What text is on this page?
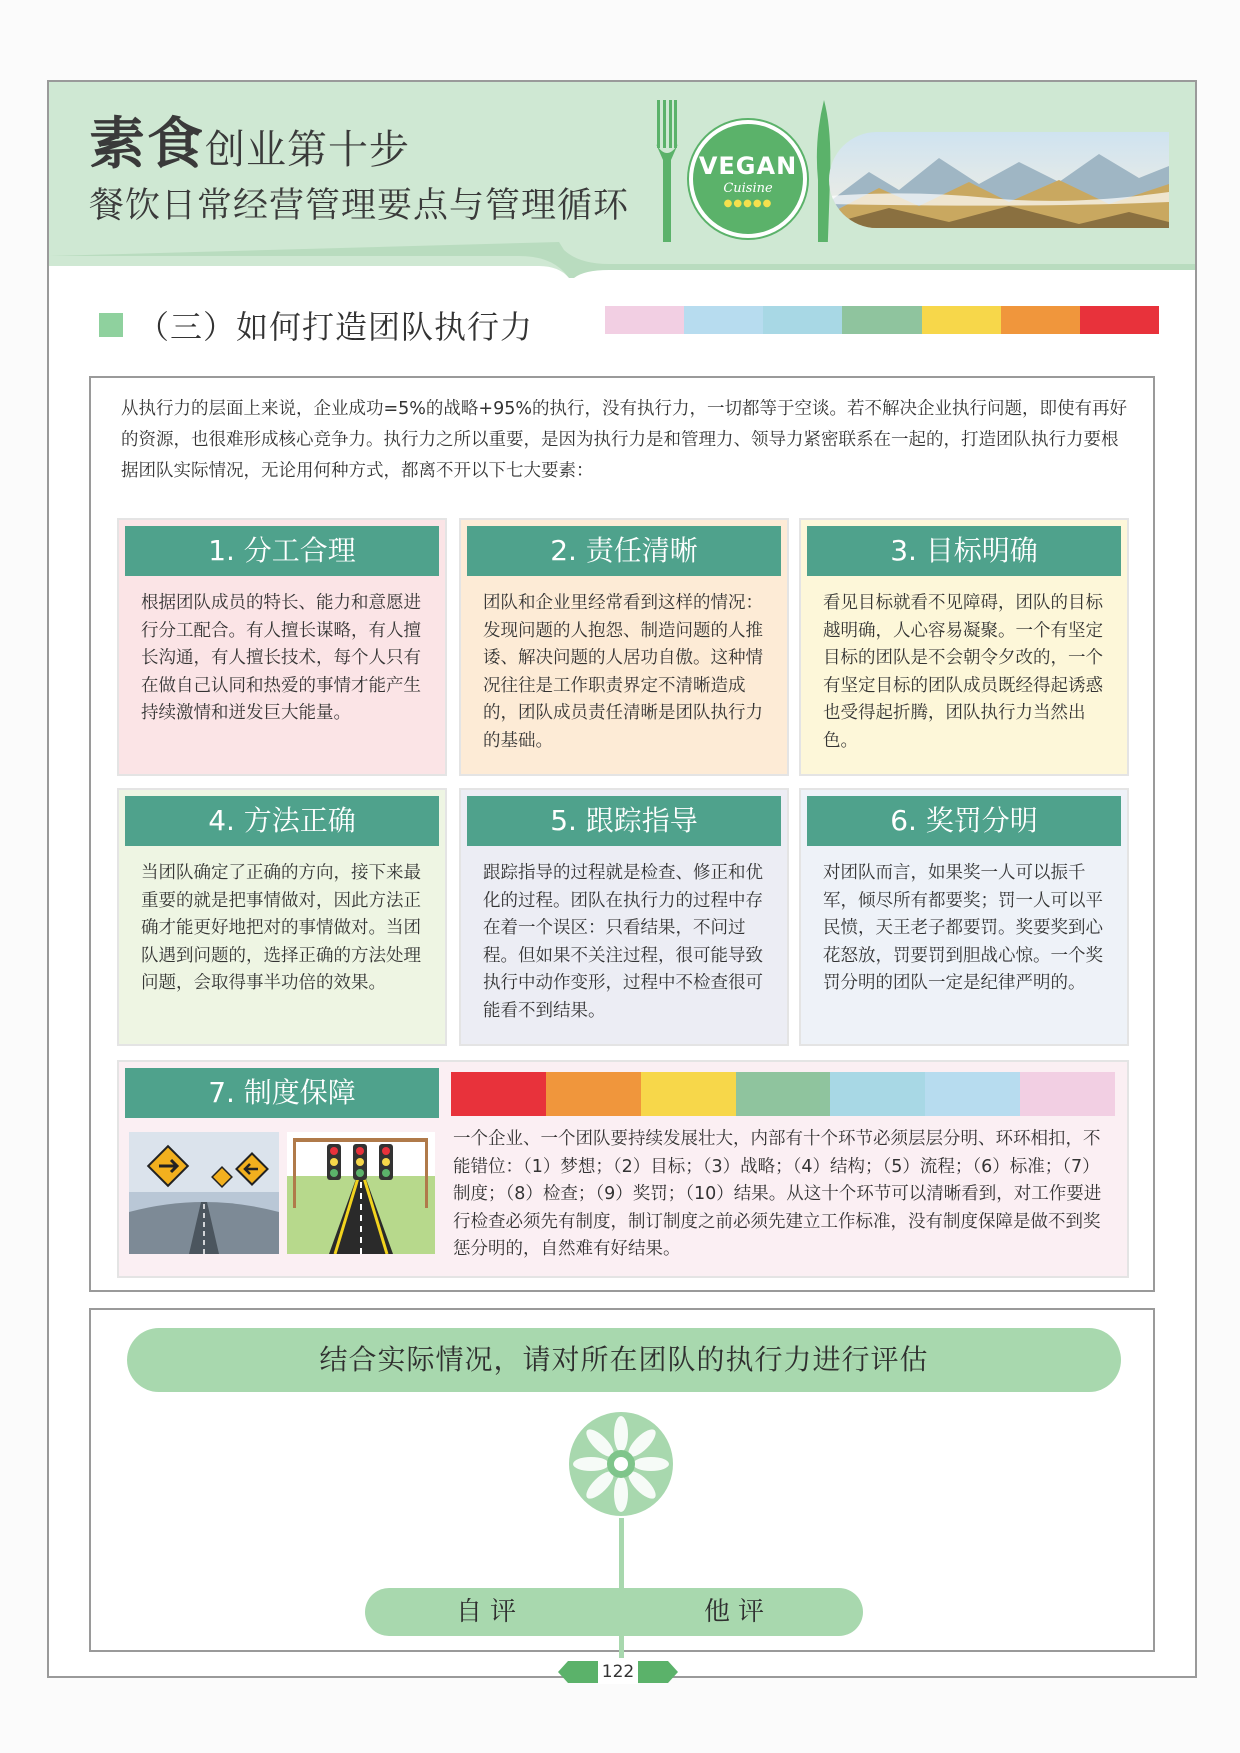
素食创业第十步
餐饮日常经营管理要点与管理循环
VEGAN
Cuisine
●●●●●
（三）如何打造团队执行力
从执行力的层面上来说，企业成功=5%的战略+95%的执行，没有执行力，一切都等于空谈。若不解决企业执行问题，即使有再好的资源，也很难形成核心竞争力。执行力之所以重要，是因为执行力是和管理力、领导力紧密联系在一起的，打造团队执行力要根据团队实际情况，无论用何种方式，都离不开以下七大要素：
1. 分工合理
根据团队成员的特长、能力和意愿进行分工配合。有人擅长谋略，有人擅长沟通，有人擅长技术，每个人只有在做自己认同和热爱的事情才能产生持续激情和迸发巨大能量。
2. 责任清晰
团队和企业里经常看到这样的情况：发现问题的人抱怨、制造问题的人推诿、解决问题的人居功自傲。这种情况往往是工作职责界定不清晰造成的，团队成员责任清晰是团队执行力的基础。
3. 目标明确
看见目标就看不见障碍，团队的目标越明确，人心容易凝聚。一个有坚定目标的团队是不会朝令夕改的，一个有坚定目标的团队成员既经得起诱惑也受得起折腾，团队执行力当然出色。
4. 方法正确
当团队确定了正确的方向，接下来最重要的就是把事情做对，因此方法正确才能更好地把对的事情做对。当团队遇到问题的，选择正确的方法处理问题，会取得事半功倍的效果。
5. 跟踪指导
跟踪指导的过程就是检查、修正和优化的过程。团队在执行力的过程中存在着一个误区：只看结果，不问过程。但如果不关注过程，很可能导致执行中动作变形，过程中不检查很可能看不到结果。
6. 奖罚分明
对团队而言，如果奖一人可以振千军，倾尽所有都要奖；罚一人可以平民愤，天王老子都要罚。奖要奖到心花怒放，罚要罚到胆战心惊。一个奖罚分明的团队一定是纪律严明的。
7. 制度保障
一个企业、一个团队要持续发展壮大，内部有十个环节必须层层分明、环环相扣，不能错位：（1）梦想；（2）目标；（3）战略；（4）结构；（5）流程；（6）标准；（7）制度；（8）检查；（9）奖罚；（10）结果。从这十个环节可以清晰看到，对工作要进行检查必须先有制度，制订制度之前必须先建立工作标准，没有制度保障是做不到奖惩分明的，自然难有好结果。
结合实际情况，请对所在团队的执行力进行评估
自评	他评
122
